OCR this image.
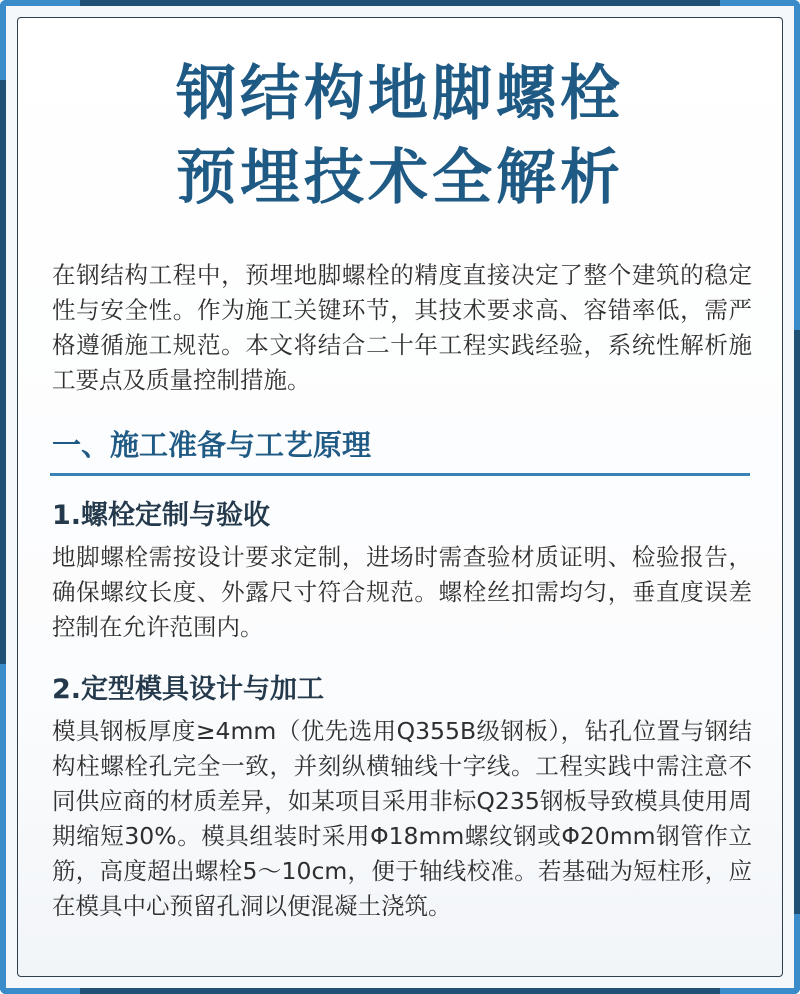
钢结构地脚螺栓
预埋技术全解析

在钢结构工程中，预埋地脚螺栓的精度直接决定了整个建筑的稳定性与安全性。作为施工关键环节，其技术要求高、容错率低，需严格遵循施工规范。本文将结合二十年工程实践经验，系统性解析施工要点及质量控制措施。

一、施工准备与工艺原理
1.螺栓定制与验收

地脚螺栓需按设计要求定制，进场时需查验材质证明、检验报告，确保螺纹长度、外露尺寸符合规范。螺栓丝扣需均匀，垂直度误差控制在允许范围内。

2.定型模具设计与加工

模具钢板厚度≥4mm（优先选用Q355B级钢板），钻孔位置与钢结构柱螺栓孔完全一致，并刻纵横轴线十字线。工程实践中需注意不同供应商的材质差异，如某项目采用非标Q235钢板导致模具使用周期缩短30%。模具组装时采用Φ18mm螺纹钢或Φ20mm钢管作立筋，高度超出螺栓5～10cm，便于轴线校准。若基础为短柱形，应在模具中心预留孔洞以便混凝土浇筑。
